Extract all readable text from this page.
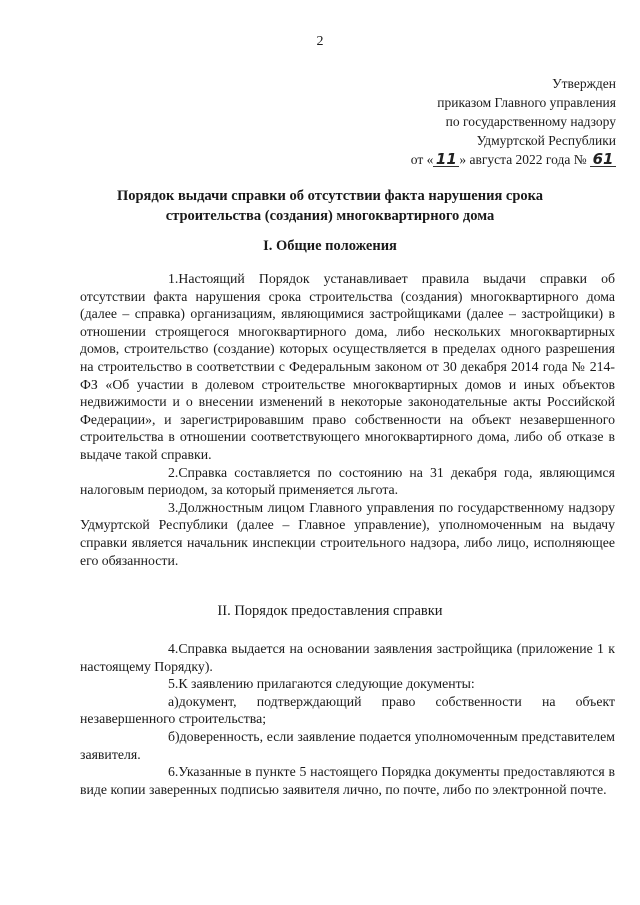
2
Утвержден
приказом Главного управления
по государственному надзору
Удмуртской Республики
от « 11 » августа 2022 года № 61
Порядок выдачи справки об отсутствии факта нарушения срока
строительства (создания) многоквартирного дома
I. Общие положения

1.Настоящий Порядок устанавливает правила выдачи справки об отсутствии факта нарушения срока строительства (создания) многоквартирного дома (далее – справка) организациям, являющимися застройщиками (далее – застройщики) в отношении строящегося многоквартирного дома, либо нескольких многоквартирных домов, строительство (создание) которых осуществляется в пределах одного разрешения на строительство в соответствии с Федеральным законом от 30 декабря 2014 года № 214-ФЗ «Об участии в долевом строительстве многоквартирных домов и иных объектов недвижимости и о внесении изменений в некоторые законодательные акты Российской Федерации», и зарегистрировавшим право собственности на объект незавершенного строительства в отношении соответствующего многоквартирного дома, либо об отказе в выдаче такой справки.

2.Справка составляется по состоянию на 31 декабря года, являющимся налоговым периодом, за который применяется льгота.

3.Должностным лицом Главного управления по государственному надзору Удмуртской Республики (далее – Главное управление), уполномоченным на выдачу справки является начальник инспекции строительного надзора, либо лицо, исполняющее его обязанности.

II. Порядок предоставления справки

4.Справка выдается на основании заявления застройщика (приложение 1 к настоящему Порядку).

5.К заявлению прилагаются следующие документы:

а)документ, подтверждающий право собственности на объект незавершенного строительства;

б)доверенность, если заявление подается уполномоченным представителем заявителя.

6.Указанные в пункте 5 настоящего Порядка документы предоставляются в виде копии заверенных подписью заявителя лично, по почте, либо по электронной почте.
